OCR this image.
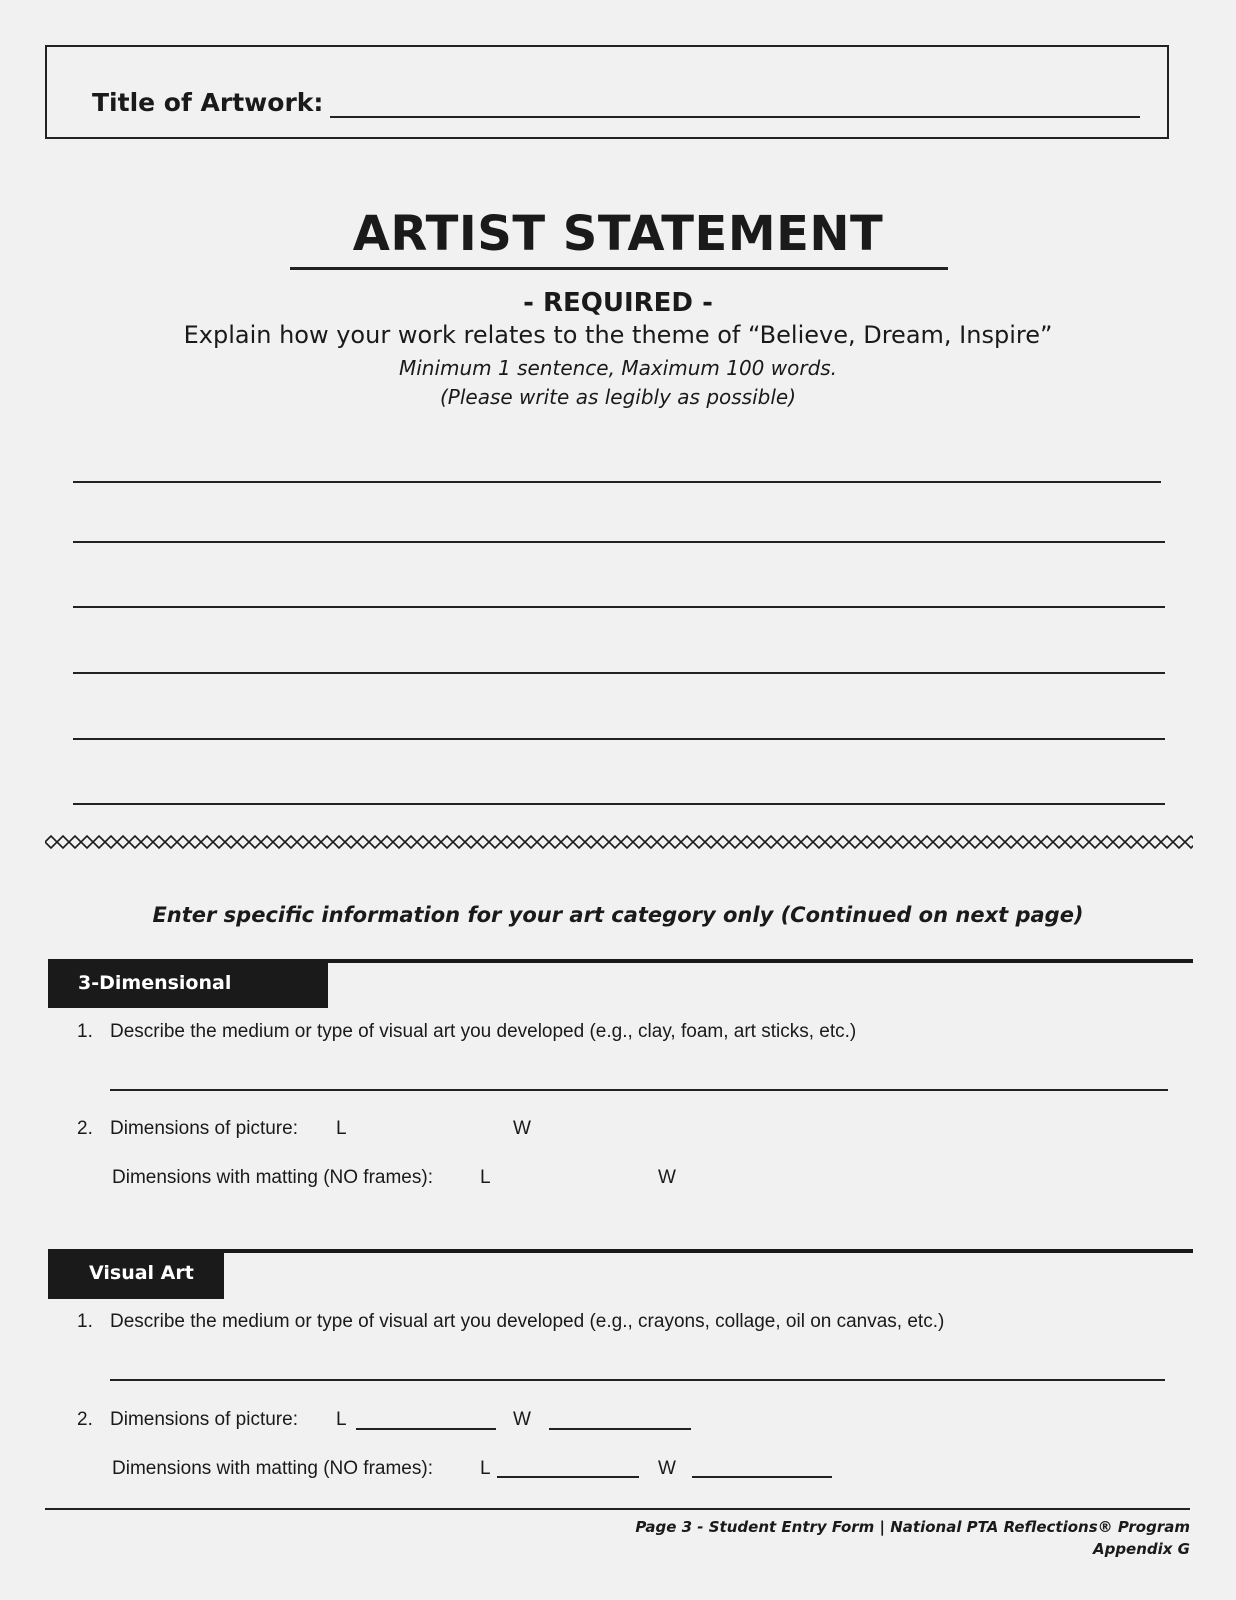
Title of Artwork:
ARTIST STATEMENT
- REQUIRED -
Explain how your work relates to the theme of “Believe, Dream, Inspire”
Minimum 1 sentence, Maximum 100 words.
(Please write as legibly as possible)
Enter specific information for your art category only (Continued on next page)
3-Dimensional
1. Describe the medium or type of visual art you developed (e.g., clay, foam, art sticks, etc.)
2. Dimensions of picture: L	W
Dimensions with matting (NO frames): L	W
Visual Art
1. Describe the medium or type of visual art you developed (e.g., crayons, collage, oil on canvas, etc.)
2. Dimensions of picture: L	W
Dimensions with matting (NO frames): L	W
Page 3 - Student Entry Form | National PTA Reflections® Program
Appendix G
